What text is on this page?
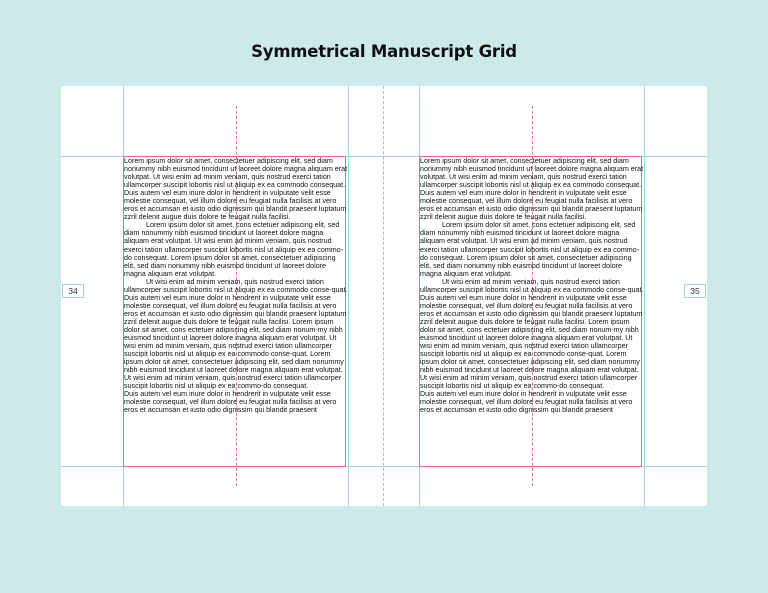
Symmetrical Manuscript Grid

Lorem ipsum dolor sit amet, consectetuer adipiscing elit, sed diam nonummy nibh euismod tincidunt ut laoreet dolore magna aliquam erat volutpat. Ut wisi enim ad minim veniam, quis nostrud exerci tation ullamcorper suscipit lobortis nisl ut aliquip ex ea commodo consequat. Duis autem vel eum iriure dolor in hendrerit in vulputate velit esse molestie consequat, vel illum dolore eu feugiat nulla facilisis at vero eros et accumsan et iusto odio dignissim qui blandit praesent luptatum zzril delenit augue duis dolore te feugait nulla facilisi.

Lorem ipsum dolor sit amet, cons ectetuer adipiscing elit, sed diam nonummy nibh euismod tincidunt ut laoreet dolore magna aliquam erat volutpat. Ut wisi enim ad minim veniam, quis nostrud exerci tation ullamcorper suscipit lobortis nisl ut aliquip ex ea commo-do consequat. Lorem ipsum dolor sit amet, consectetuer adipiscing elit, sed diam nonummy nibh euismod tincidunt ut laoreet dolore magna aliquam erat volutpat.

Ut wisi enim ad minim veniam, quis nostrud exerci tation ullamcorper suscipit lobortis nisl ut aliquip ex ea commodo conse-quat. Duis autem vel eum iriure dolor in hendrerit in vulputate velit esse molestie consequat, vel illum dolore eu feugiat nulla facilisis at vero eros et accumsan et iusto odio dignissim qui blandit praesent luptatum zzril delenit augue duis dolore te feugait nulla facilisi. Lorem ipsum dolor sit amet, cons ectetuer adipiscing elit, sed diam nonum-my nibh euismod tincidunt ut laoreet dolore magna aliquam erat volutpat. Ut wisi enim ad minim veniam, quis nostrud exerci tation ullamcorper suscipit lobortis nisl ut aliquip ex ea commodo conse-quat. Lorem ipsum dolor sit amet, consectetuer adipiscing elit, sed diam nonummy nibh euismod tincidunt ut laoreet dolore magna aliquam erat volutpat. Ut wisi enim ad minim veniam, quis nostrud exerci tation ullamcorper suscipit lobortis nisl ut aliquip ex ea commo-do consequat.

Duis autem vel eum iriure dolor in hendrerit in vulputate velit esse molestie consequat, vel illum dolore eu feugiat nulla facilisis at vero eros et accumsan et iusto odio dignissim qui blandit praesent

34

Lorem ipsum dolor sit amet, consectetuer adipiscing elit, sed diam nonummy nibh euismod tincidunt ut laoreet dolore magna aliquam erat volutpat. Ut wisi enim ad minim veniam, quis nostrud exerci tation ullamcorper suscipit lobortis nisl ut aliquip ex ea commodo consequat. Duis autem vel eum iriure dolor in hendrerit in vulputate velit esse molestie consequat, vel illum dolore eu feugiat nulla facilisis at vero eros et accumsan et iusto odio dignissim qui blandit praesent luptatum zzril delenit augue duis dolore te feugait nulla facilisi.

Lorem ipsum dolor sit amet, cons ectetuer adipiscing elit, sed diam nonummy nibh euismod tincidunt ut laoreet dolore magna aliquam erat volutpat. Ut wisi enim ad minim veniam, quis nostrud exerci tation ullamcorper suscipit lobortis nisl ut aliquip ex ea commo-do consequat. Lorem ipsum dolor sit amet, consectetuer adipiscing elit, sed diam nonummy nibh euismod tincidunt ut laoreet dolore magna aliquam erat volutpat.

Ut wisi enim ad minim veniam, quis nostrud exerci tation ullamcorper suscipit lobortis nisl ut aliquip ex ea commodo conse-quat. Duis autem vel eum iriure dolor in hendrerit in vulputate velit esse molestie consequat, vel illum dolore eu feugiat nulla facilisis at vero eros et accumsan et iusto odio dignissim qui blandit praesent luptatum zzril delenit augue duis dolore te feugait nulla facilisi. Lorem ipsum dolor sit amet, cons ectetuer adipiscing elit, sed diam nonum-my nibh euismod tincidunt ut laoreet dolore magna aliquam erat volutpat. Ut wisi enim ad minim veniam, quis nostrud exerci tation ullamcorper suscipit lobortis nisl ut aliquip ex ea commodo conse-quat. Lorem ipsum dolor sit amet, consectetuer adipiscing elit, sed diam nonummy nibh euismod tincidunt ut laoreet dolore magna aliquam erat volutpat. Ut wisi enim ad minim veniam, quis nostrud exerci tation ullamcorper suscipit lobortis nisl ut aliquip ex ea commo-do consequat.

Duis autem vel eum iriure dolor in hendrerit in vulputate velit esse molestie consequat, vel illum dolore eu feugiat nulla facilisis at vero eros et accumsan et iusto odio dignissim qui blandit praesent

35
